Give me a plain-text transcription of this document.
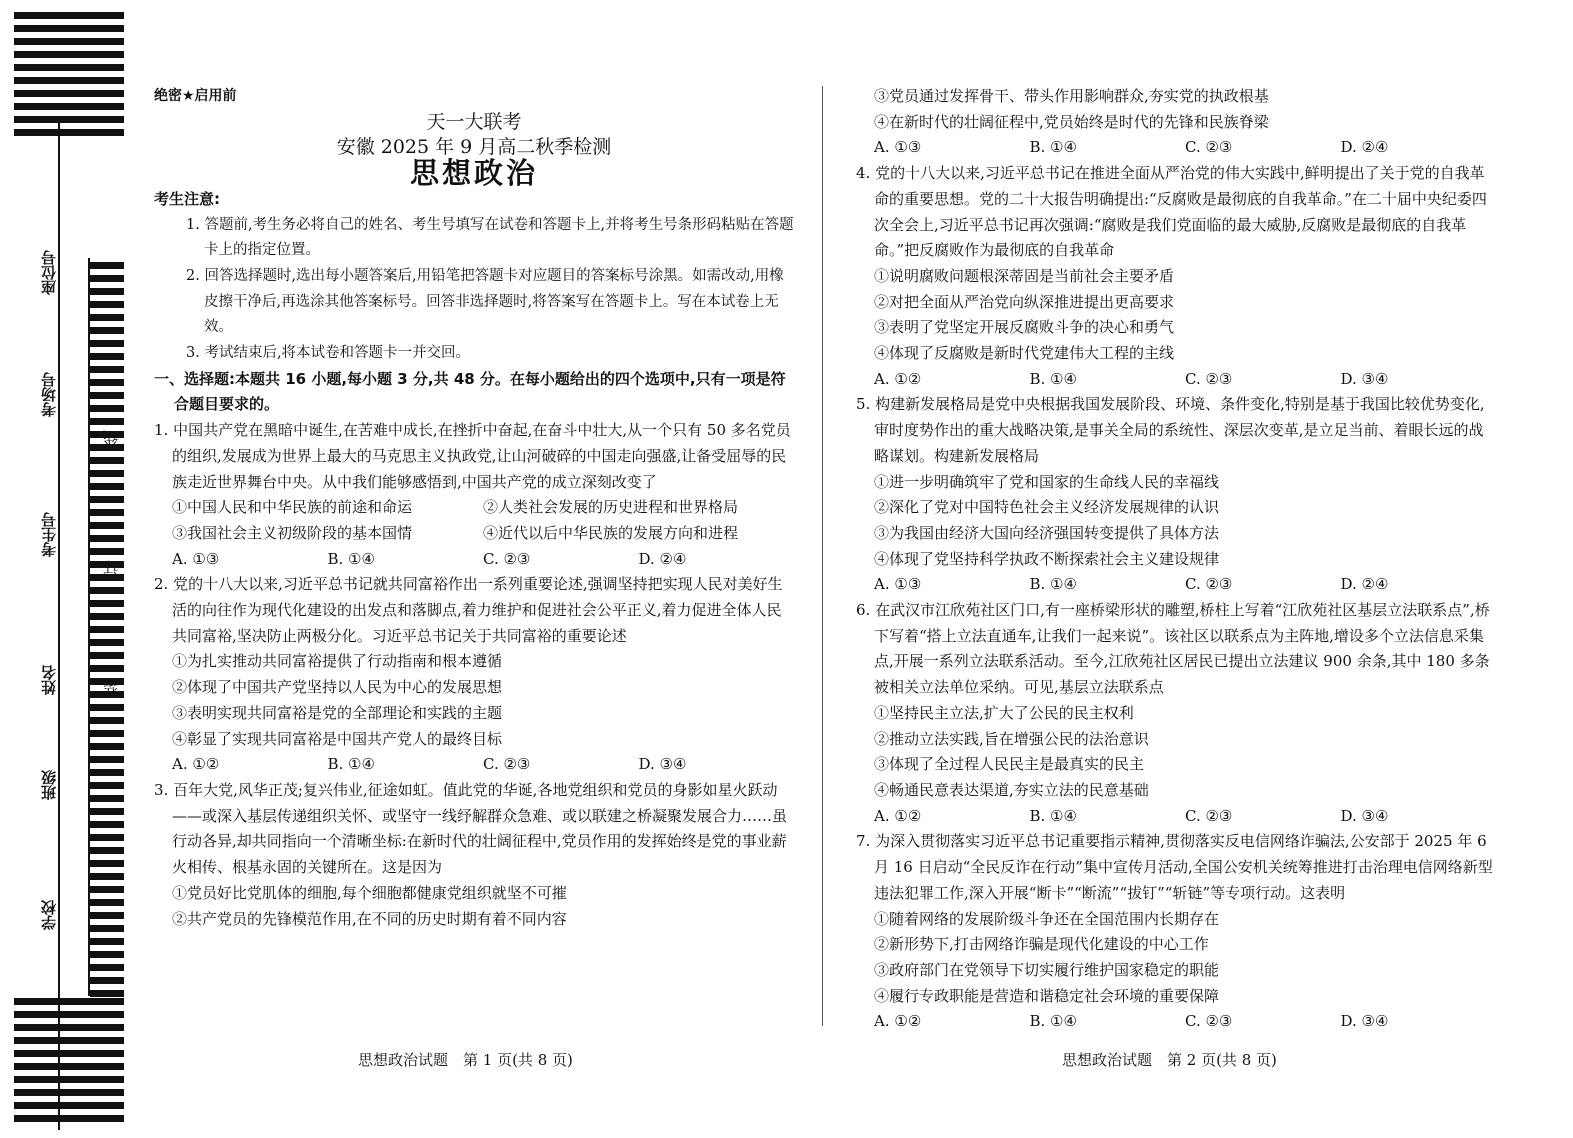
座位号
考场号
考生号
姓名
班级
学校
线
订
装

绝密★启用前

天一大联考

安徽 2025 年 9 月高二秋季检测

思想政治

考生注意:

1. 答题前,考生务必将自己的姓名、考生号填写在试卷和答题卡上,并将考生号条形码粘贴在答题卡上的指定位置。

2. 回答选择题时,选出每小题答案后,用铅笔把答题卡对应题目的答案标号涂黑。如需改动,用橡皮擦干净后,再选涂其他答案标号。回答非选择题时,将答案写在答题卡上。写在本试卷上无效。

3. 考试结束后,将本试卷和答题卡一并交回。

一、选择题:本题共 16 小题,每小题 3 分,共 48 分。在每小题给出的四个选项中,只有一项是符合题目要求的。

1. 中国共产党在黑暗中诞生,在苦难中成长,在挫折中奋起,在奋斗中壮大,从一个只有 50 多名党员的组织,发展成为世界上最大的马克思主义执政党,让山河破碎的中国走向强盛,让备受屈辱的民族走近世界舞台中央。从中我们能够感悟到,中国共产党的成立深刻改变了

①中国人民和中华民族的前途和命运	②人类社会发展的历史进程和世界格局
③我国社会主义初级阶段的基本国情	④近代以后中华民族的发展方向和进程
A. ①③	B. ①④	C. ②③	D. ②④

2. 党的十八大以来,习近平总书记就共同富裕作出一系列重要论述,强调坚持把实现人民对美好生活的向往作为现代化建设的出发点和落脚点,着力维护和促进社会公平正义,着力促进全体人民共同富裕,坚决防止两极分化。习近平总书记关于共同富裕的重要论述

①为扎实推动共同富裕提供了行动指南和根本遵循

②体现了中国共产党坚持以人民为中心的发展思想

③表明实现共同富裕是党的全部理论和实践的主题

④彰显了实现共同富裕是中国共产党人的最终目标

A. ①②	B. ①④	C. ②③	D. ③④

3. 百年大党,风华正茂;复兴伟业,征途如虹。值此党的华诞,各地党组织和党员的身影如星火跃动——或深入基层传递组织关怀、或坚守一线纾解群众急难、或以联建之桥凝聚发展合力……虽行动各异,却共同指向一个清晰坐标:在新时代的壮阔征程中,党员作用的发挥始终是党的事业薪火相传、根基永固的关键所在。这是因为

①党员好比党肌体的细胞,每个细胞都健康党组织就坚不可摧

②共产党员的先锋模范作用,在不同的历史时期有着不同内容

③党员通过发挥骨干、带头作用影响群众,夯实党的执政根基

④在新时代的壮阔征程中,党员始终是时代的先锋和民族脊梁

A. ①③	B. ①④	C. ②③	D. ②④

4. 党的十八大以来,习近平总书记在推进全面从严治党的伟大实践中,鲜明提出了关于党的自我革命的重要思想。党的二十大报告明确提出:“反腐败是最彻底的自我革命。”在二十届中央纪委四次全会上,习近平总书记再次强调:“腐败是我们党面临的最大威胁,反腐败是最彻底的自我革命。”把反腐败作为最彻底的自我革命

①说明腐败问题根深蒂固是当前社会主要矛盾

②对把全面从严治党向纵深推进提出更高要求

③表明了党坚定开展反腐败斗争的决心和勇气

④体现了反腐败是新时代党建伟大工程的主线

A. ①②	B. ①④	C. ②③	D. ③④

5. 构建新发展格局是党中央根据我国发展阶段、环境、条件变化,特别是基于我国比较优势变化,审时度势作出的重大战略决策,是事关全局的系统性、深层次变革,是立足当前、着眼长远的战略谋划。构建新发展格局

①进一步明确筑牢了党和国家的生命线人民的幸福线

②深化了党对中国特色社会主义经济发展规律的认识

③为我国由经济大国向经济强国转变提供了具体方法

④体现了党坚持科学执政不断探索社会主义建设规律

A. ①③	B. ①④	C. ②③	D. ②④

6. 在武汉市江欣苑社区门口,有一座桥梁形状的雕塑,桥柱上写着“江欣苑社区基层立法联系点”,桥下写着“搭上立法直通车,让我们一起来说”。该社区以联系点为主阵地,增设多个立法信息采集点,开展一系列立法联系活动。至今,江欣苑社区居民已提出立法建议 900 余条,其中 180 多条被相关立法单位采纳。可见,基层立法联系点

①坚持民主立法,扩大了公民的民主权利

②推动立法实践,旨在增强公民的法治意识

③体现了全过程人民民主是最真实的民主

④畅通民意表达渠道,夯实立法的民意基础

A. ①②	B. ①④	C. ②③	D. ③④

7. 为深入贯彻落实习近平总书记重要指示精神,贯彻落实反电信网络诈骗法,公安部于 2025 年 6 月 16 日启动“全民反诈在行动”集中宣传月活动,全国公安机关统筹推进打击治理电信网络新型违法犯罪工作,深入开展“断卡”“断流”“拔钉”“斩链”等专项行动。这表明

①随着网络的发展阶级斗争还在全国范围内长期存在

②新形势下,打击网络诈骗是现代化建设的中心工作

③政府部门在党领导下切实履行维护国家稳定的职能

④履行专政职能是营造和谐稳定社会环境的重要保障

A. ①②	B. ①④	C. ②③	D. ③④
思想政治试题　第 1 页(共 8 页)	思想政治试题　第 2 页(共 8 页)
